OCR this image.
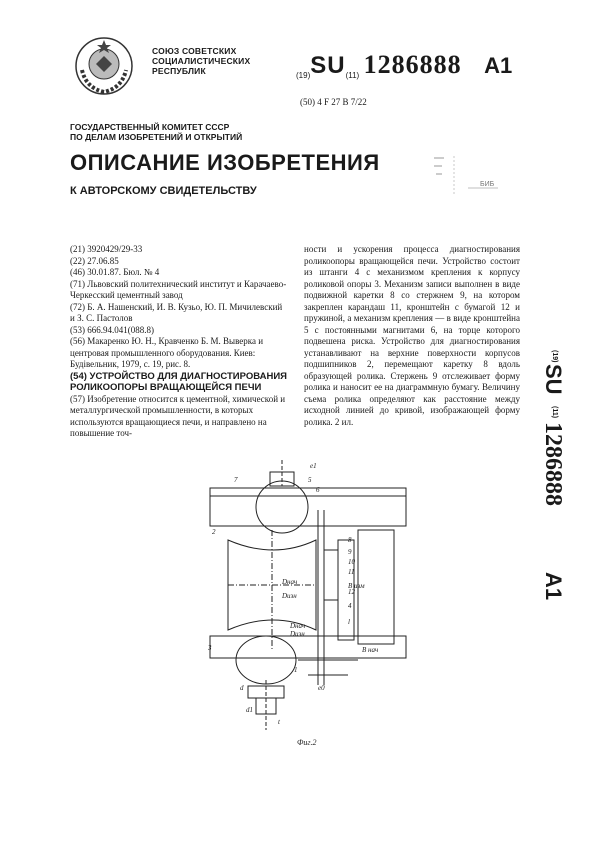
СОЮЗ СОВЕТСКИХ
СОЦИАЛИСТИЧЕСКИХ
РЕСПУБЛИК	(19)SU(11) 1286888 A1
(50) 4 F 27 B 7/22
ГОСУДАРСТВЕННЫЙ КОМИТЕТ СССР
ПО ДЕЛАМ ИЗОБРЕТЕНИЙ И ОТКРЫТИЙ
ОПИСАНИЕ ИЗОБРЕТЕНИЯ
К АВТОРСКОМУ СВИДЕТЕЛЬСТВУ
БИБ

(21) 3920429/29-33

(22) 27.06.85

(46) 30.01.87. Бюл. № 4

(71) Львовский политехнический институт и Карачаево-Черкесский цементный завод

(72) Б. А. Нашенский, И. В. Кузьо, Ю. П. Мичилевский и З. С. Пастолов

(53) 666.94.041(088.8)

(56) Макаренко Ю. Н., Кравченко Б. М. Выверка и центровая промышленного оборудования. Киев: Будівельник, 1979, с. 19, рис. 8.

(54) УСТРОЙСТВО ДЛЯ ДИАГНОСТИРОВАНИЯ РОЛИКООПОРЫ ВРАЩАЮЩЕЙСЯ ПЕЧИ

(57) Изобретение относится к цементной, химической и металлургической промышленности, в которых используются вращающиеся печи, и направлено на повышение точ-

ности и ускорения процесса диагностирования роликоопоры вращающейся печи. Устройство состоит из штанги 4 с механизмом крепления к корпусу роликовой опоры 3. Механизм записи выполнен в виде подвижной каретки 8 со стержнем 9, на котором закреплен карандаш 11, кронштейн с бумагой 12 и пружиной, а механизм крепления — в виде кронштейна 5 с постоянными магнитами 6, на торце которого подвешена риска. Устройство для диагностирования устанавливают на верхние поверхности корпусов подшипников 2, перемещают каретку 8 вдоль образующей ролика. Стержень 9 отслеживает форму ролика и наносит ее на диаграммную бумагу. Величину съема ролика определяют как расстояние между исходной линией до кривой, изображающей форму ролика. 2 ил.

(19)
SU
(11)
1286888
A1
e1
7	5
6
8
9
10
11
12
4
2
3
Dнач
Dизн
B изм
l
Dнач
Dизн
B нач
1
e0
d
d1
t
Фиг.2
